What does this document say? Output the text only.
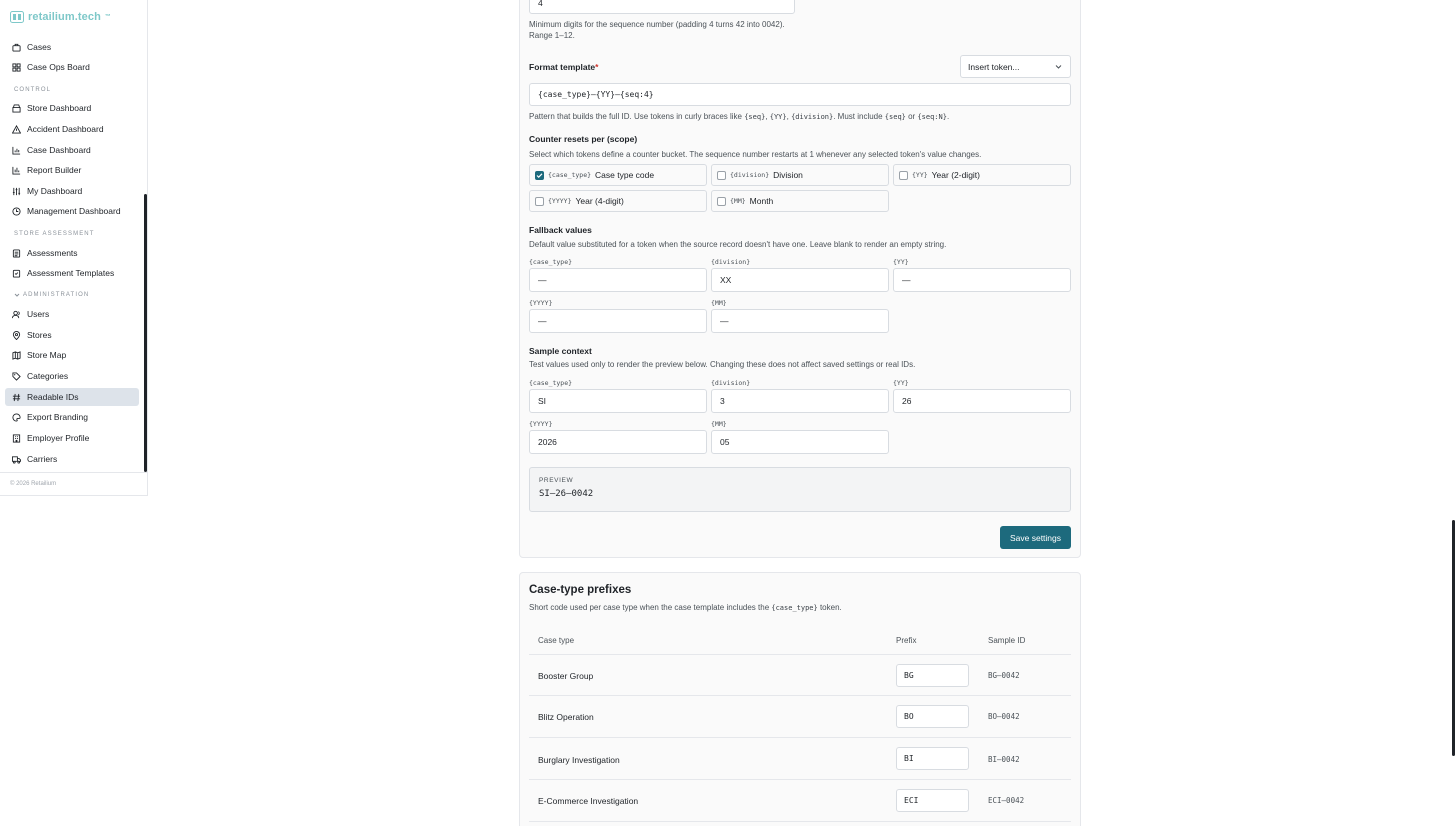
retailium.tech ™
Cases
Case Ops Board
CONTROL
Store Dashboard
Accident Dashboard
Case Dashboard
Report Builder
My Dashboard
Management Dashboard
STORE ASSESSMENT
Assessments
Assessment Templates
ADMINISTRATION
Users
Stores
Store Map
Categories
Readable IDs
Export Branding
Employer Profile
Carriers
© 2026 Retailium
4
Minimum digits for the sequence number (padding 4 turns 42 into 0042). Range 1–12.
Format template*	Insert token...
{case_type}–{YY}–{seq:4}
Pattern that builds the full ID. Use tokens in curly braces like {seq}, {YY}, {division}. Must include {seq} or {seq:N}.
Counter resets per (scope)
Select which tokens define a counter bucket. The sequence number restarts at 1 whenever any selected token's value changes.
{case_type} Case type code	{division} Division	{YY} Year (2-digit)
{YYYY} Year (4-digit)	{MM} Month
Fallback values
Default value substituted for a token when the source record doesn't have one. Leave blank to render an empty string.
{case_type}
—
{division}
XX
{YY}
—
{YYYY}
—
{MM}
—
Sample context
Test values used only to render the preview below. Changing these does not affect saved settings or real IDs.
{case_type}
SI
{division}
3
{YY}
26
{YYYY}
2026
{MM}
05
PREVIEW
SI–26–0042
Save settings
Case-type prefixes
Short code used per case type when the case template includes the {case_type} token.
Case type	Prefix	Sample ID
Booster Group	BG	BG–0042
Blitz Operation	BO	BO–0042
Burglary Investigation	BI	BI–0042
E-Commerce Investigation	ECI	ECI–0042
